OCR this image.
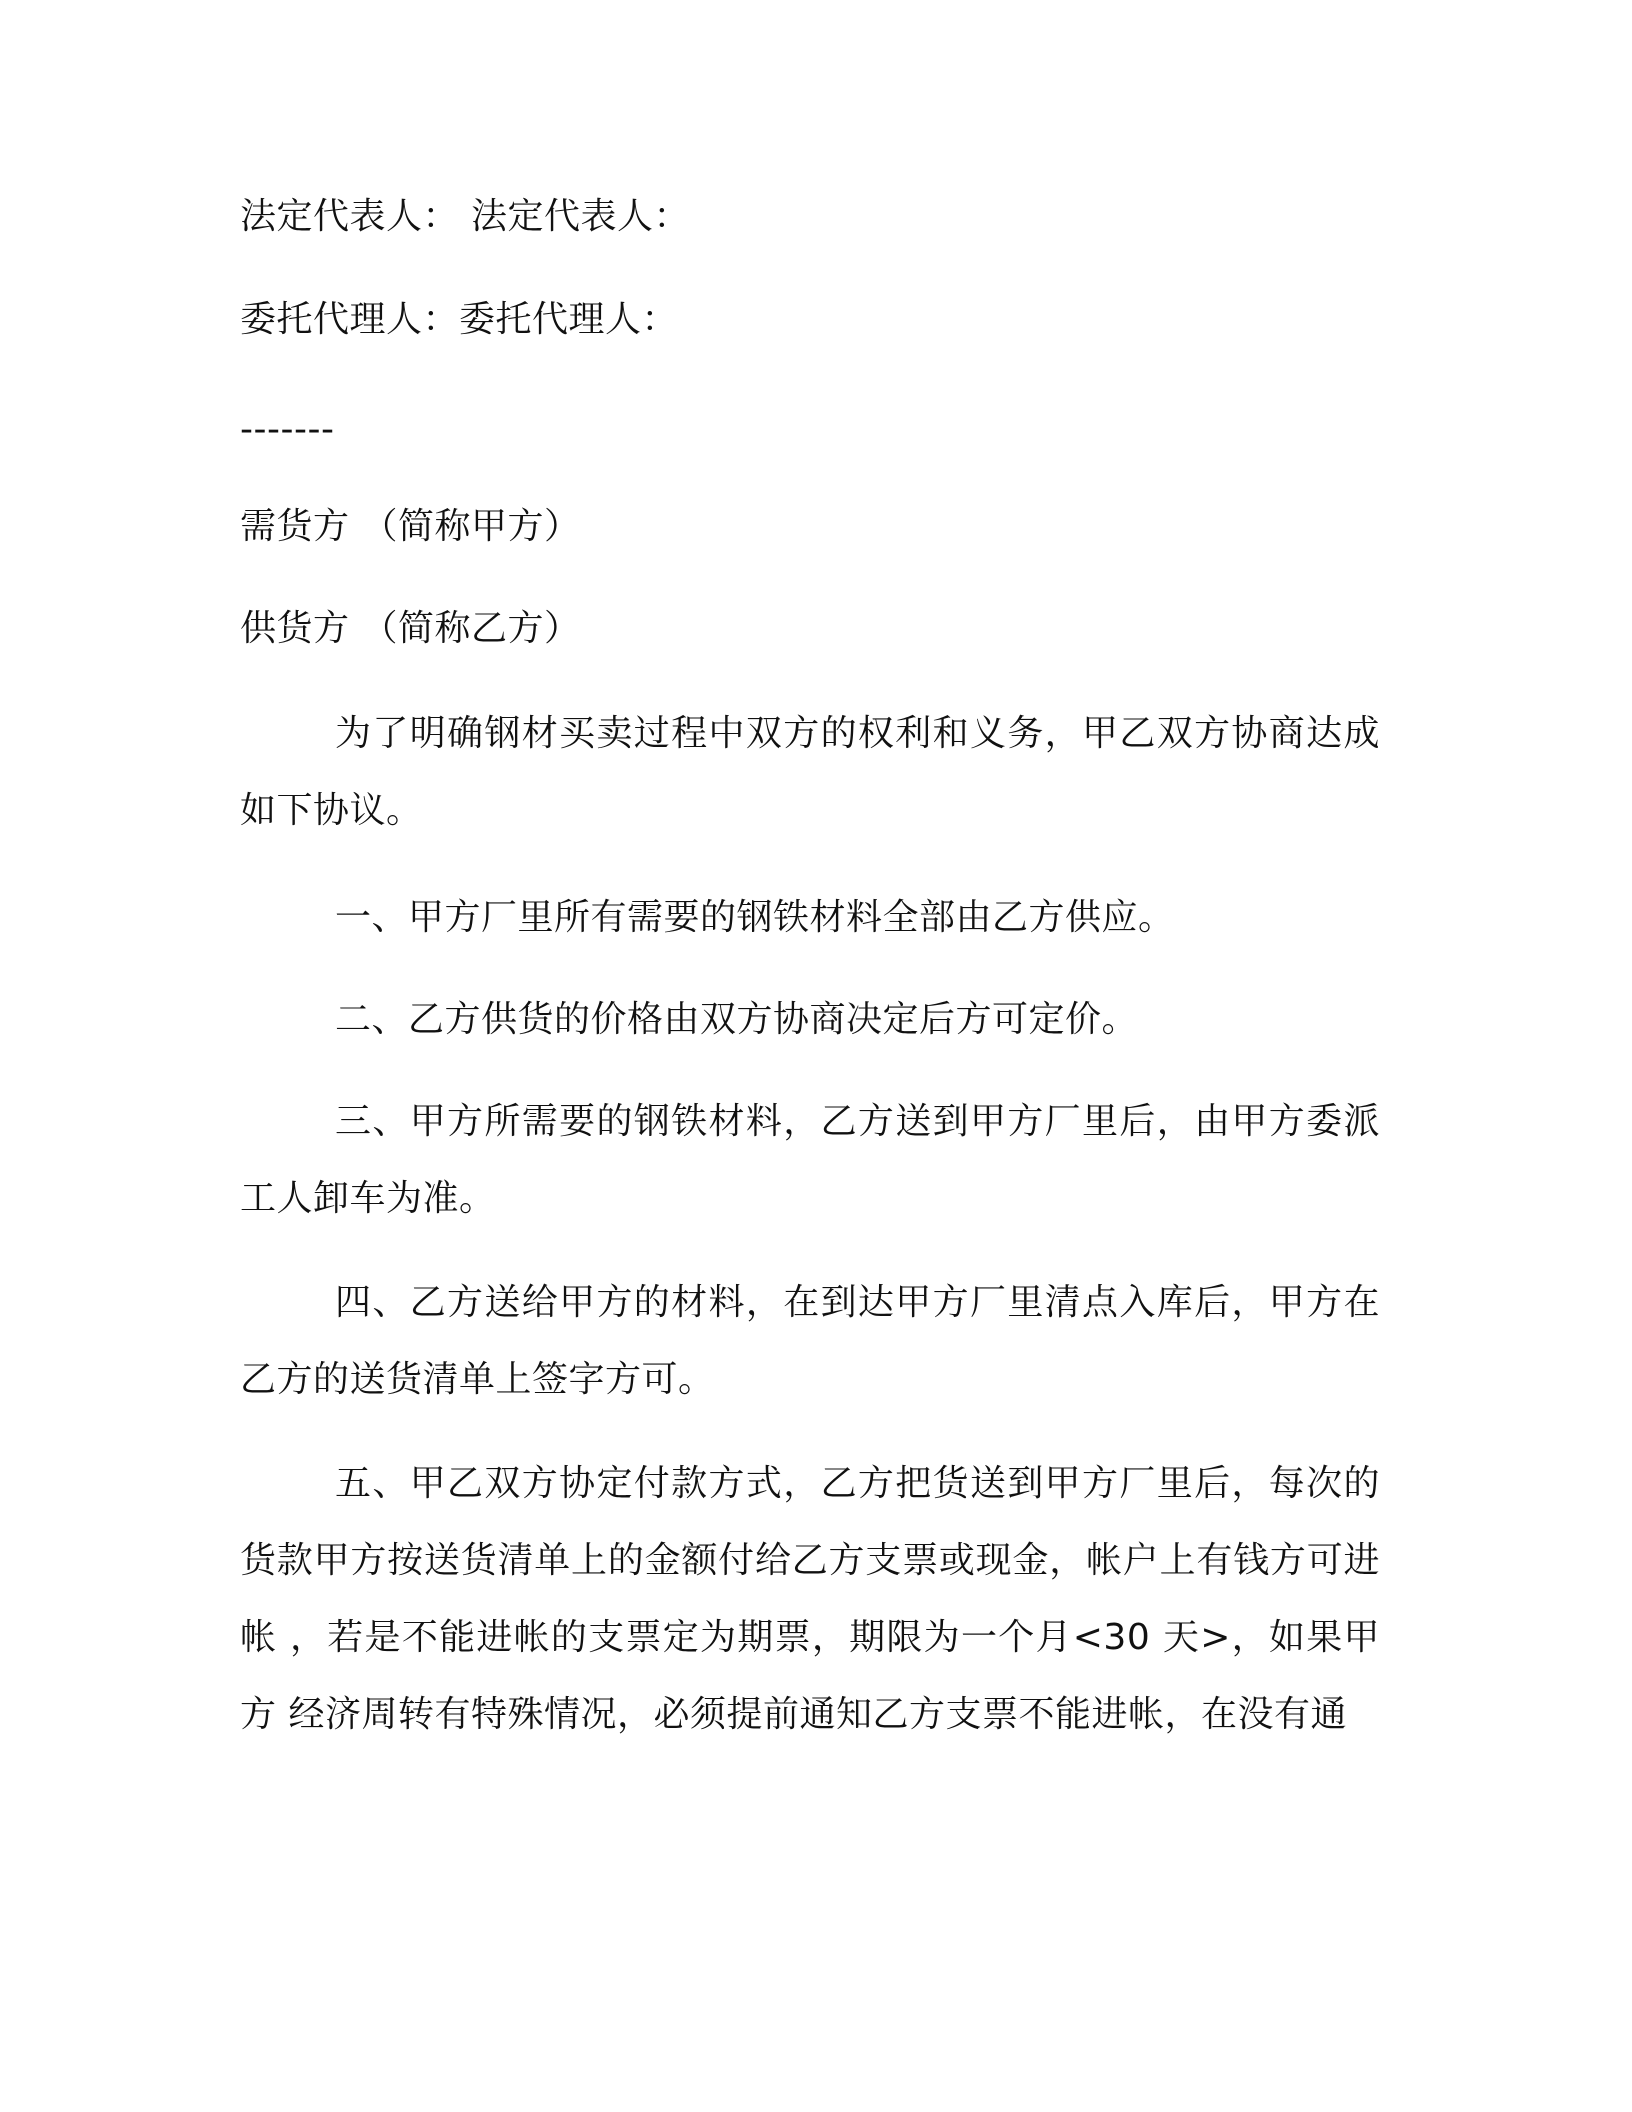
法定代表人： 法定代表人：
委托代理人：委托代理人：
-------
需货方 （简称甲方）
供货方 （简称乙方）
为了明确钢材买卖过程中双方的权利和义务，甲乙双方协商达成如下协议。
一、甲方厂里所有需要的钢铁材料全部由乙方供应。
二、乙方供货的价格由双方协商决定后方可定价。
三、甲方所需要的钢铁材料，乙方送到甲方厂里后，由甲方委派工人卸车为准。
四、乙方送给甲方的材料，在到达甲方厂里清点入库后，甲方在乙方的送货清单上签字方可。
五、甲乙双方协定付款方式，乙方把货送到甲方厂里后，每次的货款甲方按送货清单上的金额付给乙方支票或现金，帐户上有钱方可进帐 ，若是不能进帐的支票定为期票，期限为一个月<30 天>，如果甲方 经济周转有特殊情况，必须提前通知乙方支票不能进帐，在没有通
